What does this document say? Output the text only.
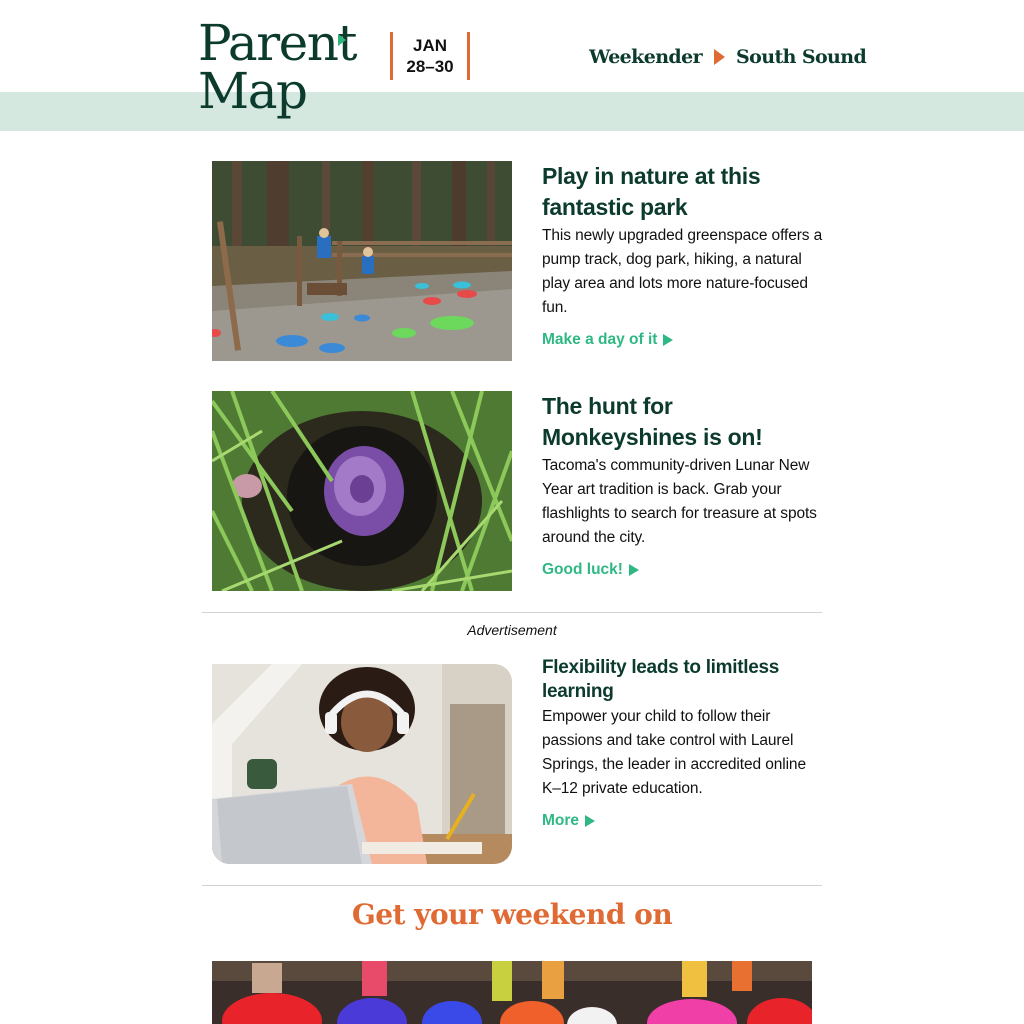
Parent
Map
JAN
28–30	Weekender South Sound
Play in nature at this fantastic park

This newly upgraded greenspace offers a pump track, dog park, hiking, a natural play area and lots more nature-focused fun.

Make a day of it
The hunt for Monkeyshines is on!

Tacoma's community-driven Lunar New Year art tradition is back. Grab your flashlights to search for treasure at spots around the city.

Good luck!
Advertisement
Flexibility leads to limitless learning

Empower your child to follow their passions and take control with Laurel Springs, the leader in accredited online K–12 private education.

More
Get your weekend on
